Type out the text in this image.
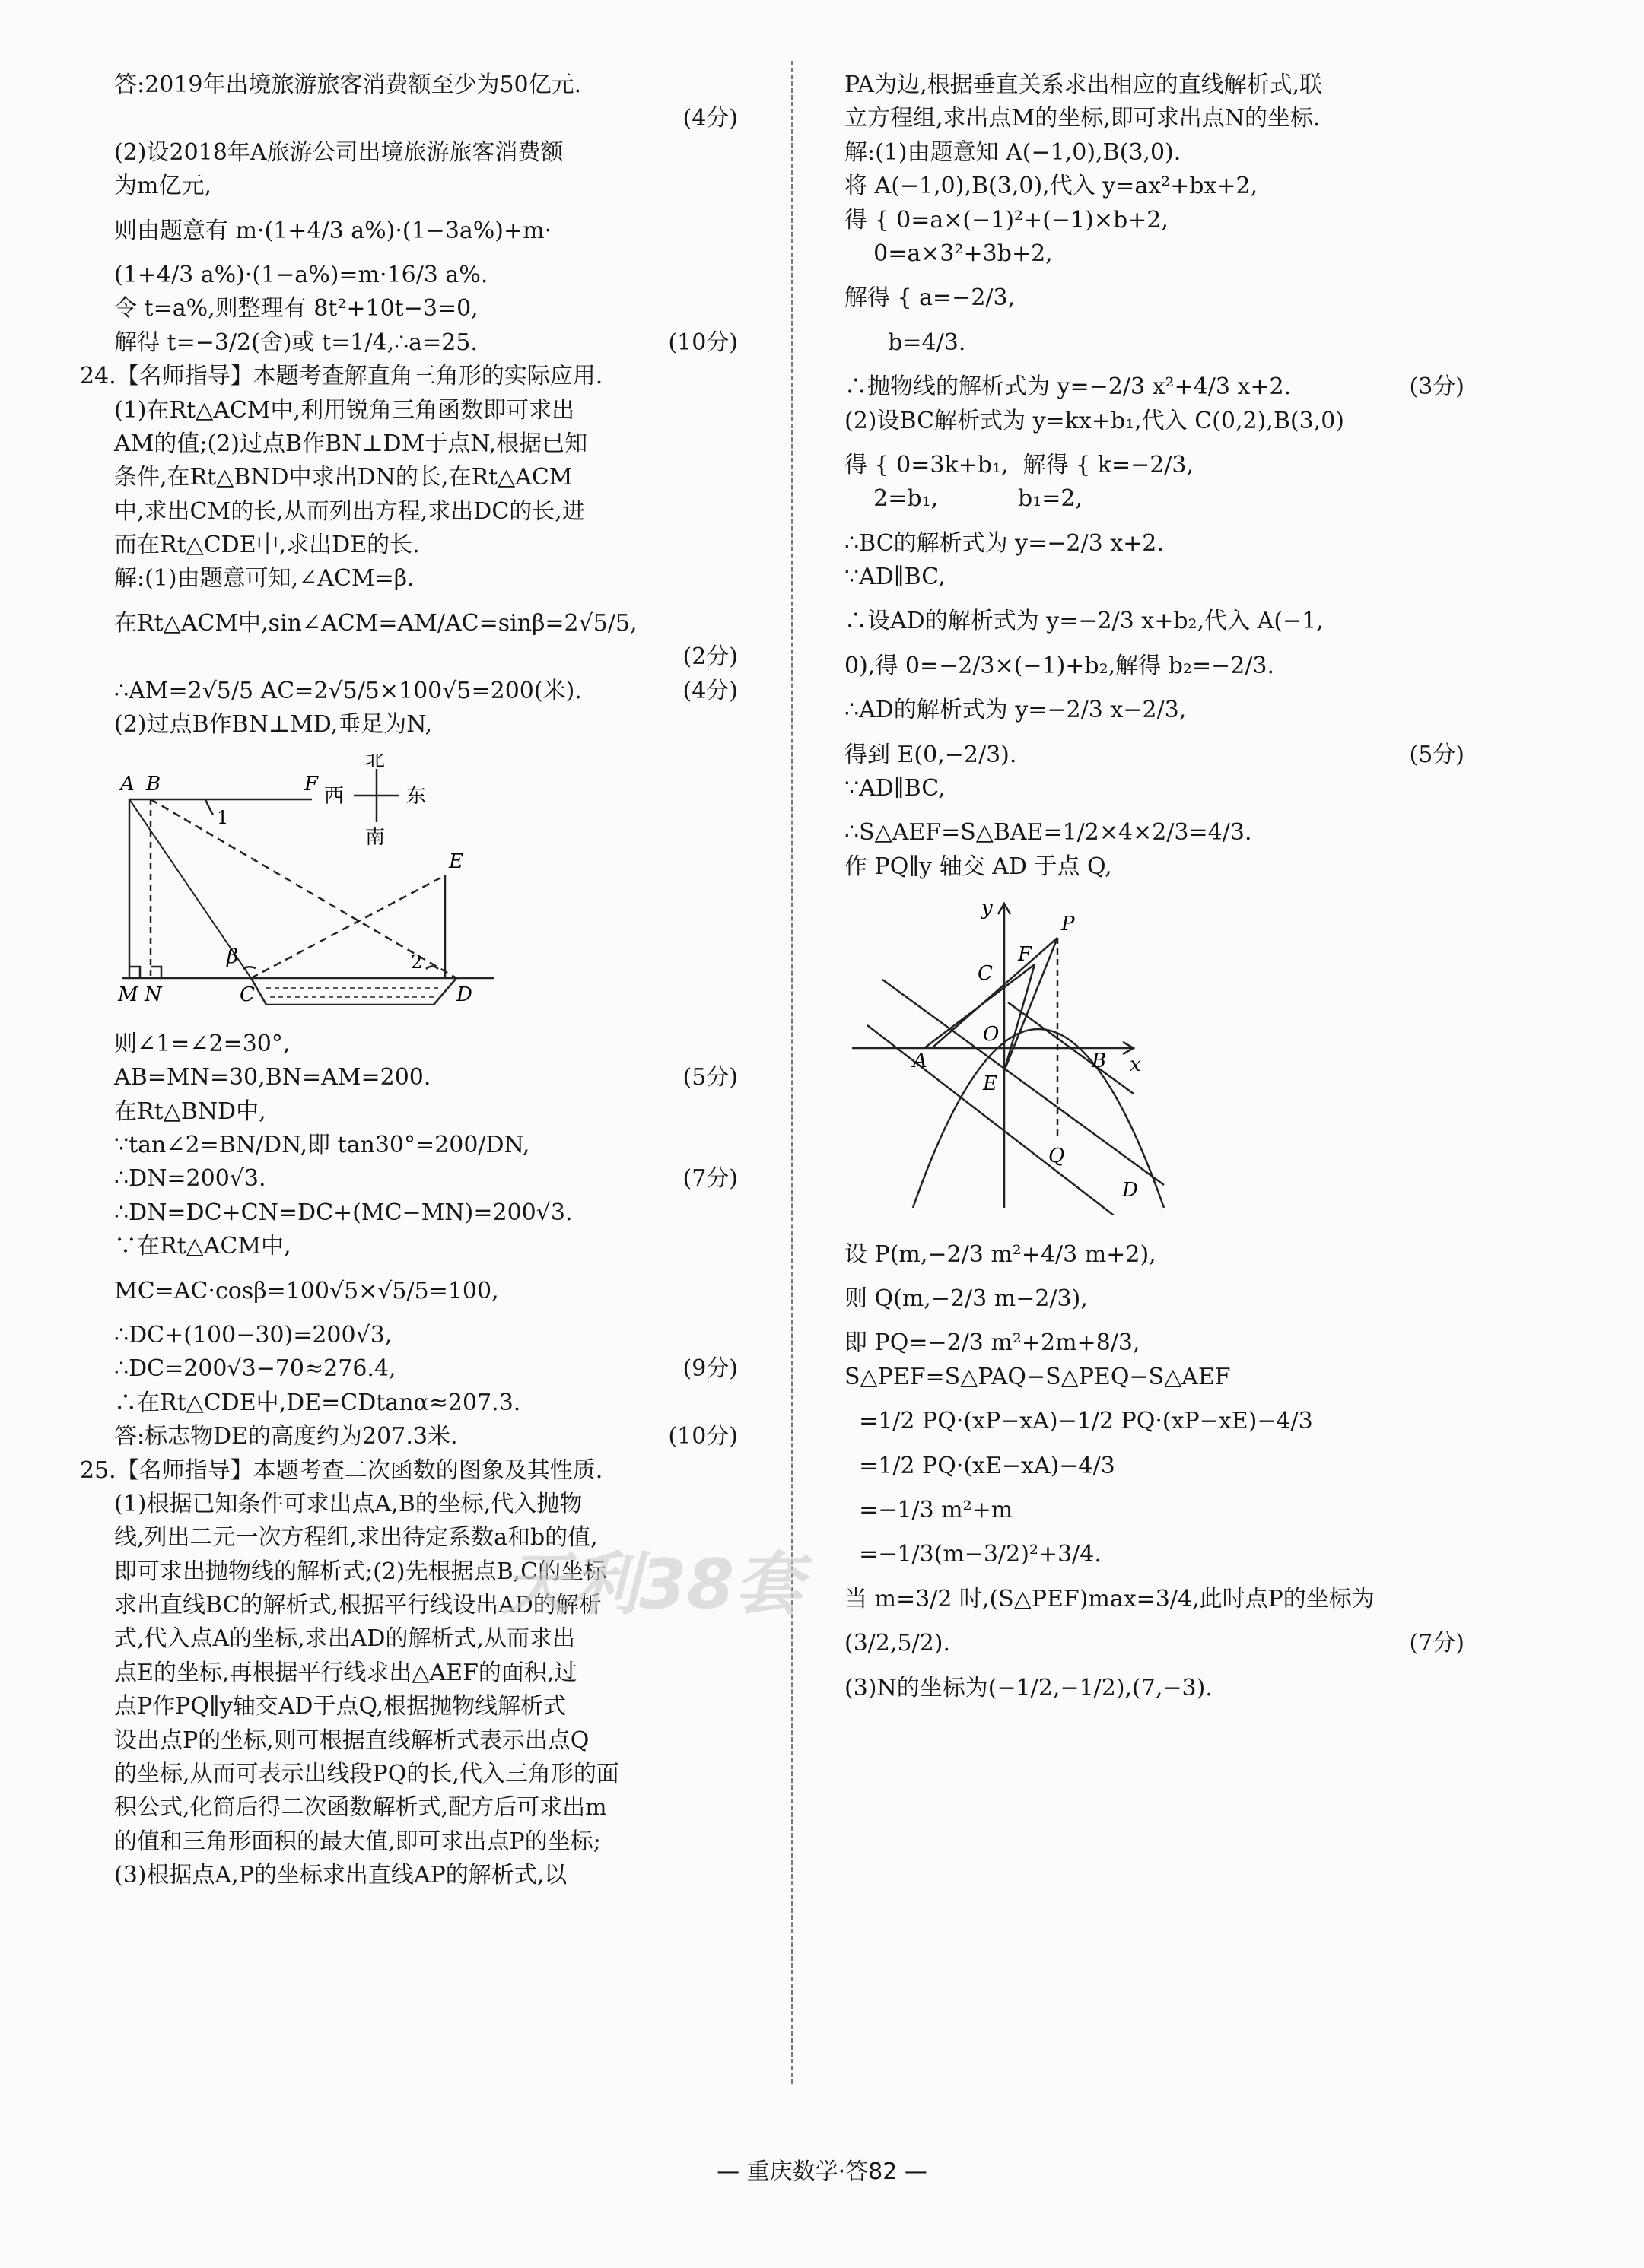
答:2019年出境旅游旅客消费额至少为50亿元.

(4分)

(2)设2018年A旅游公司出境旅游旅客消费额

为m亿元,

则由题意有 m·(1+4/3 a%)·(1−3a%)+m·

(1+4/3 a%)·(1−a%)=m·16/3 a%.

令 t=a%,则整理有 8t²+10t−3=0,

解得 t=−3/2(舍)或 t=1/4,∴a=25.	(10分)

24.【名师指导】本题考查解直角三角形的实际应用.

(1)在Rt△ACM中,利用锐角三角函数即可求出

AM的值;(2)过点B作BN⊥DM于点N,根据已知

条件,在Rt△BND中求出DN的长,在Rt△ACM

中,求出CM的长,从而列出方程,求出DC的长,进

而在Rt△CDE中,求出DE的长.

解:(1)由题意可知,∠ACM=β.

在Rt△ACM中,sin∠ACM=AM/AC=sinβ=2√5/5,

(2分)

∴AM=2√5/5 AC=2√5/5×100√5=200(米).	(4分)

(2)过点B作BN⊥MD,垂足为N,

A B	F
1
E
β	2
M N	C	D
北
南
西	东

则∠1=∠2=30°,

AB=MN=30,BN=AM=200.	(5分)

在Rt△BND中,

∵tan∠2=BN/DN,即 tan30°=200/DN,

∴DN=200√3.	(7分)

∴DN=DC+CN=DC+(MC−MN)=200√3.

∵在Rt△ACM中,

MC=AC·cosβ=100√5×√5/5=100,

∴DC+(100−30)=200√3,

∴DC=200√3−70≈276.4,	(9分)

∴在Rt△CDE中,DE=CDtanα≈207.3.

答:标志物DE的高度约为207.3米.	(10分)

25.【名师指导】本题考查二次函数的图象及其性质.

(1)根据已知条件可求出点A,B的坐标,代入抛物

线,列出二元一次方程组,求出待定系数a和b的值,

即可求出抛物线的解析式;(2)先根据点B,C的坐标

求出直线BC的解析式,根据平行线设出AD的解析

式,代入点A的坐标,求出AD的解析式,从而求出

点E的坐标,再根据平行线求出△AEF的面积,过

点P作PQ∥y轴交AD于点Q,根据抛物线解析式

设出点P的坐标,则可根据直线解析式表示出点Q

的坐标,从而可表示出线段PQ的长,代入三角形的面

积公式,化简后得二次函数解析式,配方后可求出m

的值和三角形面积的最大值,即可求出点P的坐标;

(3)根据点A,P的坐标求出直线AP的解析式,以

PA为边,根据垂直关系求出相应的直线解析式,联

立方程组,求出点M的坐标,即可求出点N的坐标.

解:(1)由题意知 A(−1,0),B(3,0).

将 A(−1,0),B(3,0),代入 y=ax²+bx+2,

得 { 0=a×(−1)²+(−1)×b+2,

0=a×3²+3b+2,

解得 { a=−2/3,

b=4/3.

∴抛物线的解析式为 y=−2/3 x²+4/3 x+2.	(3分)

(2)设BC解析式为 y=kx+b₁,代入 C(0,2),B(3,0)

得 { 0=3k+b₁,  解得 { k=−2/3,

2=b₁,           b₁=2,

∴BC的解析式为 y=−2/3 x+2.

∵AD∥BC,

∴设AD的解析式为 y=−2/3 x+b₂,代入 A(−1,

0),得 0=−2/3×(−1)+b₂,解得 b₂=−2/3.

∴AD的解析式为 y=−2/3 x−2/3,

得到 E(0,−2/3).	(5分)

∵AD∥BC,

∴S△AEF=S△BAE=1/2×4×2/3=4/3.

作 PQ∥y 轴交 AD 于点 Q,

y
x
C
P
F
O
A	B
E
Q
D

设 P(m,−2/3 m²+4/3 m+2),

则 Q(m,−2/3 m−2/3),

即 PQ=−2/3 m²+2m+8/3,

S△PEF=S△PAQ−S△PEQ−S△AEF

=1/2 PQ·(xP−xA)−1/2 PQ·(xP−xE)−4/3

=1/2 PQ·(xE−xA)−4/3

=−1/3 m²+m

=−1/3(m−3/2)²+3/4.

当 m=3/2 时,(S△PEF)max=3/4,此时点P的坐标为

(3/2,5/2).	(7分)

(3)N的坐标为(−1/2,−1/2),(7,−3).

天利38套
— 重庆数学·答82 —
